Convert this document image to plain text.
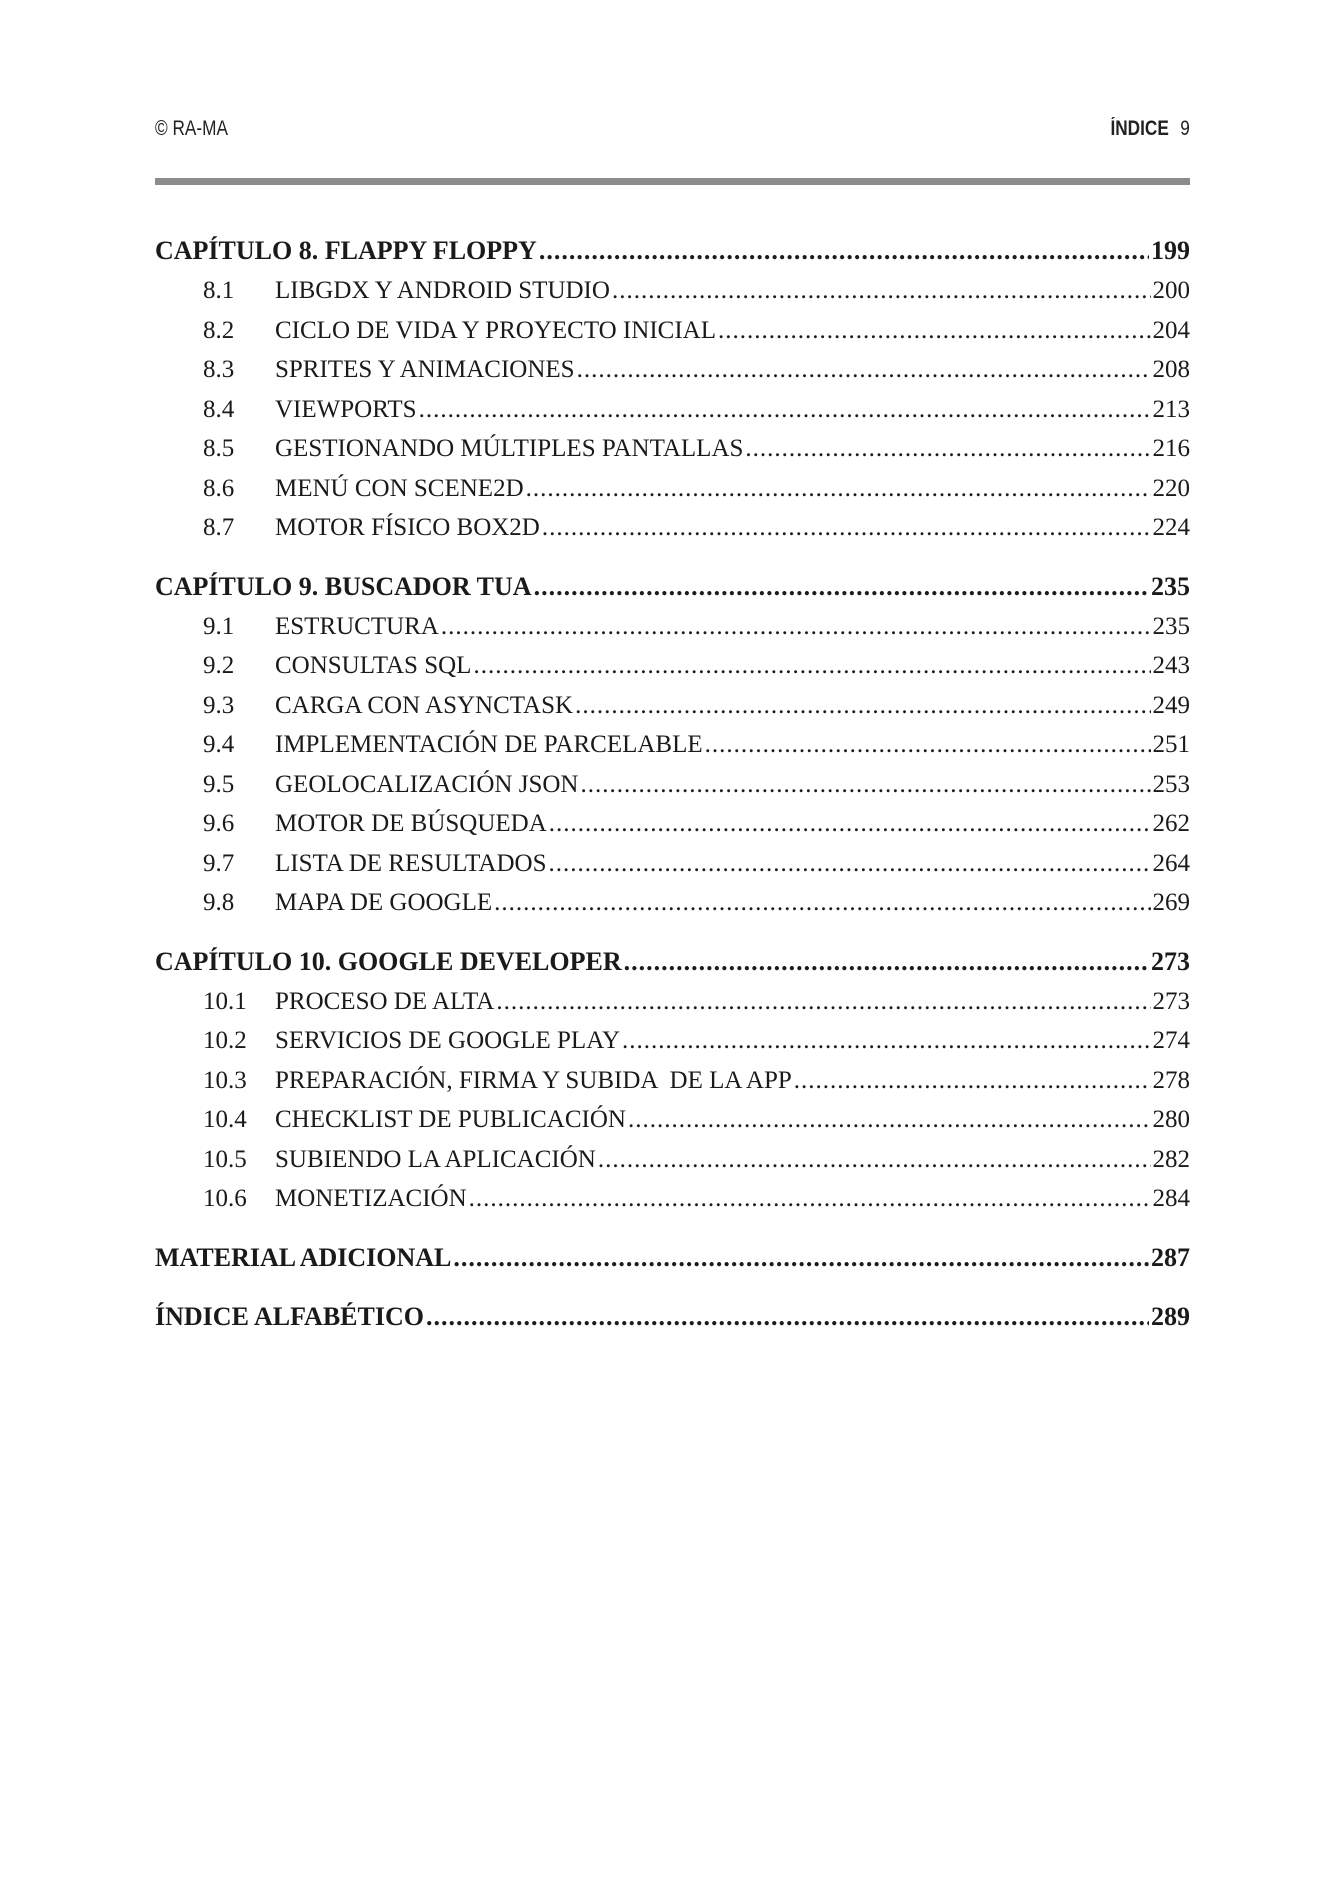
© RA-MA	ÍNDICE 9
CAPÍTULO 8. FLAPPY FLOPPY .....	199
8.1	LIBGDX Y ANDROID STUDIO .....	200
8.2	CICLO DE VIDA Y PROYECTO INICIAL .....	204
8.3	SPRITES Y ANIMACIONES .....	208
8.4	VIEWPORTS .....	213
8.5	GESTIONANDO MÚLTIPLES PANTALLAS .....	216
8.6	MENÚ CON SCENE2D .....	220
8.7	MOTOR FÍSICO BOX2D .....	224
CAPÍTULO 9. BUSCADOR TUA .....	235
9.1	ESTRUCTURA .....	235
9.2	CONSULTAS SQL .....	243
9.3	CARGA CON ASYNCTASK .....	249
9.4	IMPLEMENTACIÓN DE PARCELABLE .....	251
9.5	GEOLOCALIZACIÓN JSON .....	253
9.6	MOTOR DE BÚSQUEDA .....	262
9.7	LISTA DE RESULTADOS .....	264
9.8	MAPA DE GOOGLE .....	269
CAPÍTULO 10. GOOGLE DEVELOPER .....	273
10.1	PROCESO DE ALTA .....	273
10.2	SERVICIOS DE GOOGLE PLAY .....	274
10.3	PREPARACIÓN, FIRMA Y SUBIDA  DE LA APP .....	278
10.4	CHECKLIST DE PUBLICACIÓN .....	280
10.5	SUBIENDO LA APLICACIÓN .....	282
10.6	MONETIZACIÓN .....	284
MATERIAL ADICIONAL .....	287
ÍNDICE ALFABÉTICO .....	289
